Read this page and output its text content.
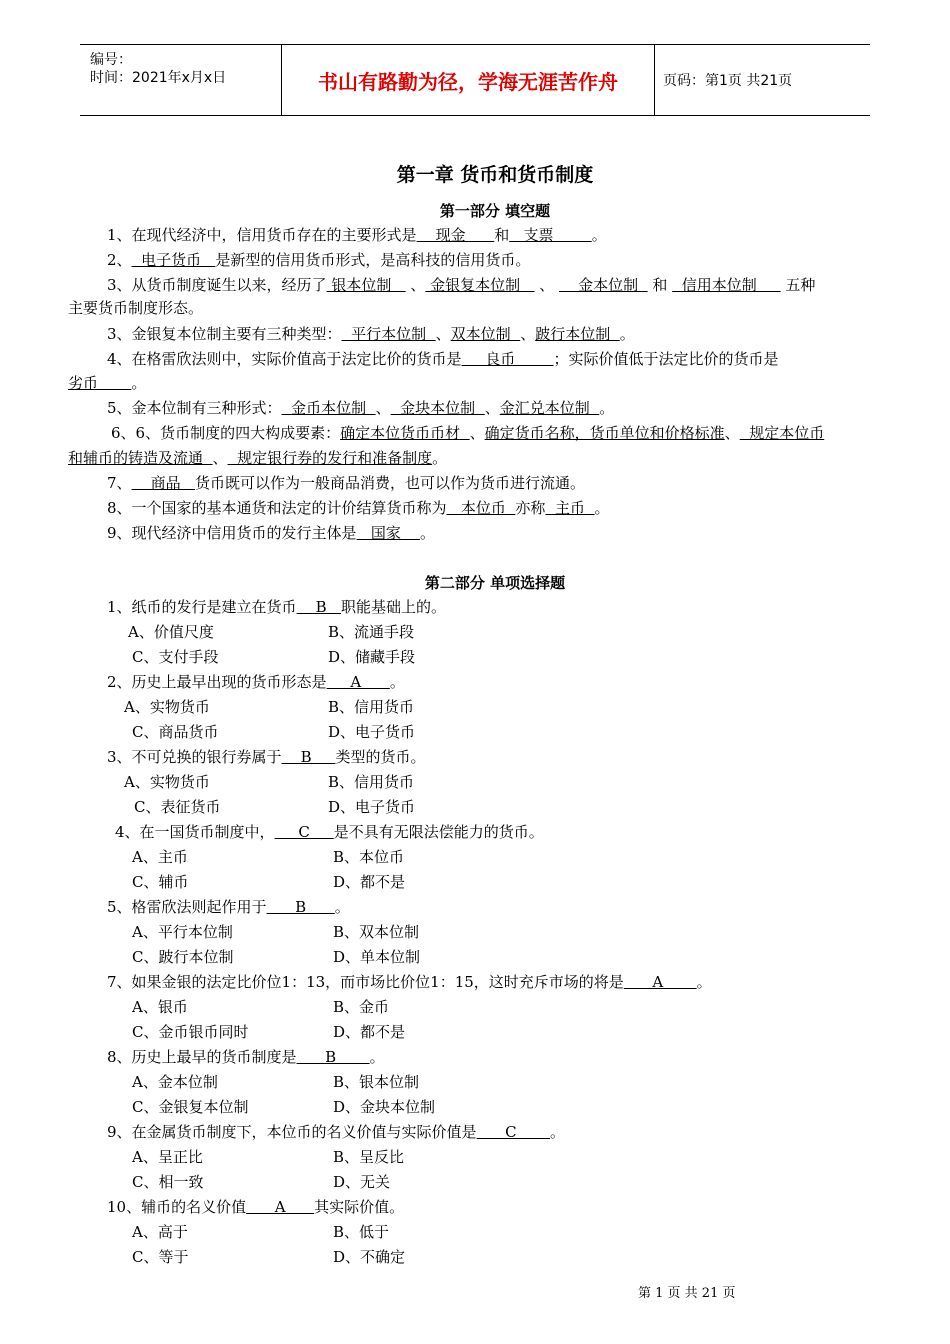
编号：
时间：2021年x月x日	书山有路勤为径，学海无涯苦作舟	页码：第1页 共21页
第一章 货币和货币制度
第一部分 填空题
1、在现代经济中，信用货币存在的主要形式是    现金      和   支票        。
2、  电子货币   是新型的信用货币形式，是高科技的信用货币。
3、从货币制度诞生以来，经历了 银本位制    、 金银复本位制    、     金本位制   和   信用本位制      五种
主要货币制度形态。
3、金银复本位制主要有三种类型：  平行本位制  、双本位制  、跛行本位制  。
4、在格雷欣法则中，实际价值高于法定比价的货币是     良币        ；实际价值低于法定比价的货币是
劣币       。
5、金本位制有三种形式：  金币本位制  、  金块本位制  、金汇兑本位制  。
6、6、货币制度的四大构成要素：确定本位货币币材  、确定货币名称，货币单位和价格标准、  规定本位币
和辅币的铸造及流通  、  规定银行券的发行和准备制度。
7、    商品   货币既可以作为一般商品消费，也可以作为货币进行流通。
8、一个国家的基本通货和法定的计价结算货币称为   本位币  亦称  主币  。
9、现代经济中信用货币的发行主体是   国家    。
第二部分 单项选择题
1、纸币的发行是建立在货币    B   职能基础上的。
A、价值尺度	B、流通手段
C、支付手段	D、储藏手段
2、历史上最早出现的货币形态是     A      。
A、实物货币	B、信用货币
C、商品货币	D、电子货币
3、不可兑换的银行券属于    B     类型的货币。
A、实物货币	B、信用货币
C、表征货币	D、电子货币
4、在一国货币制度中，     C     是不具有无限法偿能力的货币。
A、主币	B、本位币
C、辅币	D、都不是
5、格雷欣法则起作用于      B      。
A、平行本位制	B、双本位制
C、跛行本位制	D、单本位制
7、如果金银的法定比价位1：13，而市场比价位1：15，这时充斥市场的将是      A       。
A、银币	B、金币
C、金币银币同时	D、都不是
8、历史上最早的货币制度是      B       。
A、金本位制	B、银本位制
C、金银复本位制	D、金块本位制
9、在金属货币制度下，本位币的名义价值与实际价值是      C       。
A、呈正比	B、呈反比
C、相一致	D、无关
10、辅币的名义价值      A      其实际价值。
A、高于	B、低于
C、等于	D、不确定
第 1 页 共 21 页
